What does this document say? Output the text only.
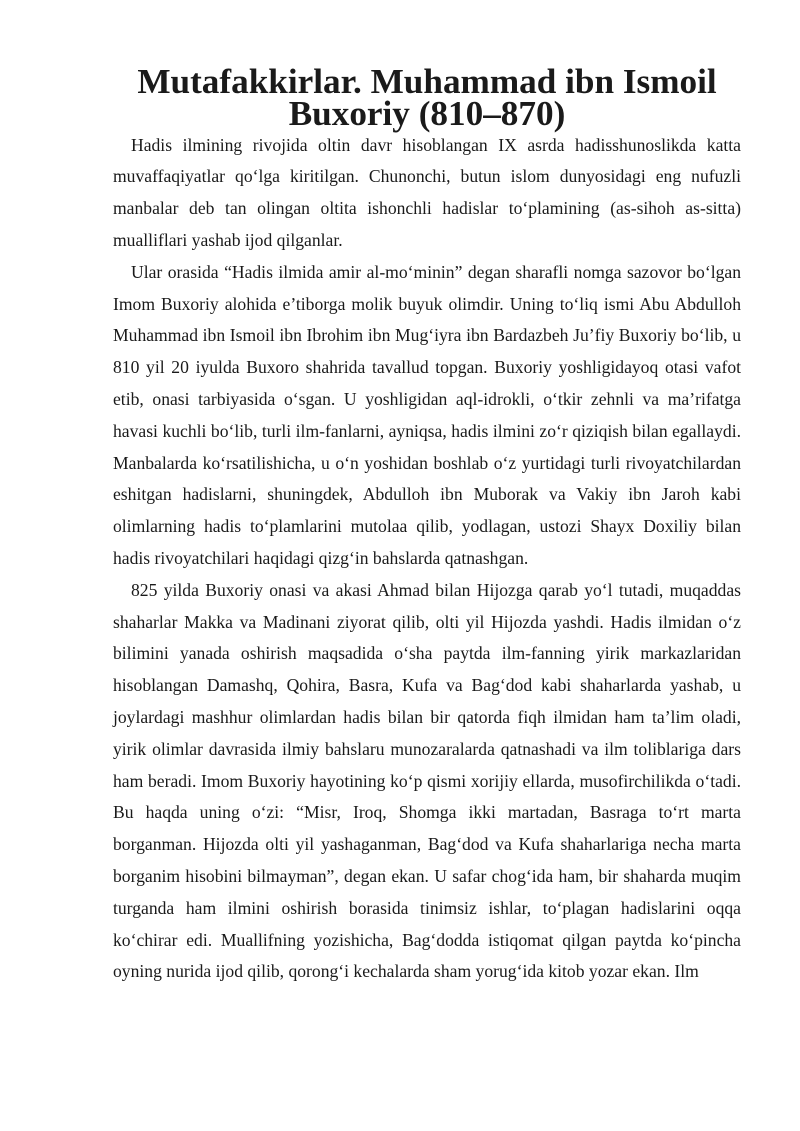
Mutafakkirlar. Muhammad ibn Ismoil Buxoriy (810–870)

Hadis ilmining rivojida oltin davr hisoblangan IX asrda hadisshunoslikda katta muvaffaqiyatlar qo‘lga kiritilgan. Chunonchi, butun islom dunyosidagi eng nufuzli manbalar deb tan olingan oltita ishonchli hadislar to‘plamining (as-sihoh as-sitta) mualliflari yashab ijod qilganlar.

Ular orasida “Hadis ilmida amir al-mo‘minin” degan sharafli nomga sazovor bo‘lgan Imom Buxoriy alohida e’tiborga molik buyuk olimdir. Uning to‘liq ismi Abu Abdulloh Muhammad ibn Ismoil ibn Ibrohim ibn Mug‘iyra ibn Bardazbeh Ju’fiy Buxoriy bo‘lib, u 810 yil 20 iyulda Buxoro shahrida tavallud topgan. Buxoriy yoshligidayoq otasi vafot etib, onasi tarbiyasida o‘sgan. U yoshligidan aql-idrokli, o‘tkir zehnli va ma’rifatga havasi kuchli bo‘lib, turli ilm-fanlarni, ayniqsa, hadis ilmini zo‘r qiziqish bilan egallaydi. Manbalarda ko‘rsatilishicha, u o‘n yoshidan boshlab o‘z yurtidagi turli rivoyatchilardan eshitgan hadislarni, shuningdek, Abdulloh ibn Muborak va Vakiy ibn Jaroh kabi olimlarning hadis to‘plamlarini mutolaa qilib, yodlagan, ustozi Shayx Doxiliy bilan hadis rivoyatchilari haqidagi qizg‘in bahslarda qatnashgan.

825 yilda Buxoriy onasi va akasi Ahmad bilan Hijozga qarab yo‘l tutadi, muqaddas shaharlar Makka va Madinani ziyorat qilib, olti yil Hijozda yashdi. Hadis ilmidan o‘z bilimini yanada oshirish maqsadida o‘sha paytda ilm-fanning yirik markazlaridan hisoblangan Damashq, Qohira, Basra, Kufa va Bag‘dod kabi shaharlarda yashab, u joylardagi mashhur olimlardan hadis bilan bir qatorda fiqh ilmidan ham ta’lim oladi, yirik olimlar davrasida ilmiy bahslaru munozaralarda qatnashadi va ilm toliblariga dars ham beradi. Imom Buxoriy hayotining ko‘p qismi xorijiy ellarda, musofirchilikda o‘tadi. Bu haqda uning o‘zi: “Misr, Iroq, Shomga ikki martadan, Basraga to‘rt marta borganman. Hijozda olti yil yashaganman, Bag‘dod va Kufa shaharlariga necha marta borganim hisobini bilmayman”, degan ekan. U safar chog‘ida ham, bir shaharda muqim turganda ham ilmini oshirish borasida tinimsiz ishlar, to‘plagan hadislarini oqqa ko‘chirar edi. Muallifning yozishicha, Bag‘dodda istiqomat qilgan paytda ko‘pincha oyning nurida ijod qilib, qorong‘i kechalarda sham yorug‘ida kitob yozar ekan. Ilm
